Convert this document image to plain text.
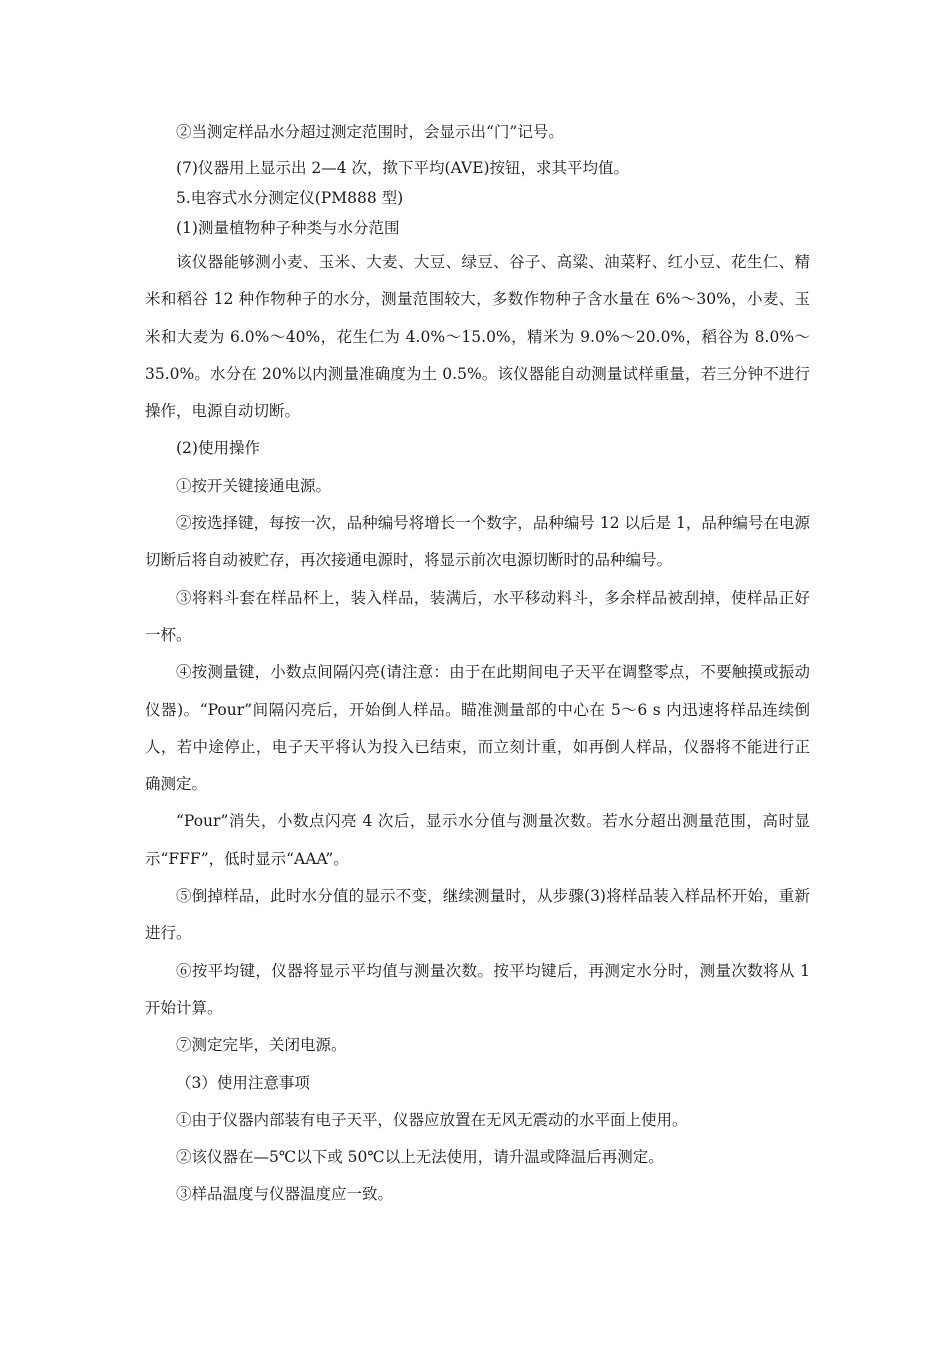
②当测定样品水分超过测定范围时，会显示出“门”记号。
(7)仪器用上显示出 2—4 次，揿下平均(AVE)按钮，求其平均值。
5.电容式水分测定仪(PM888 型)
(1)测量植物种子种类与水分范围

该仪器能够测小麦、玉米、大麦、大豆、绿豆、谷子、高粱、油菜籽、红小豆、花生仁、精米和稻谷 12 种作物种子的水分，测量范围较大，多数作物种子含水量在 6%～30%，小麦、玉米和大麦为 6.0%～40%，花生仁为 4.0%～15.0%，精米为 9.0%～20.0%，稻谷为 8.0%～35.0%。水分在 20%以内测量准确度为土 0.5%。该仪器能自动测量试样重量，若三分钟不进行操作，电源自动切断。

(2)使用操作

①按开关键接通电源。

②按选择键，每按一次，品种编号将增长一个数字，品种编号 12 以后是 1，品种编号在电源切断后将自动被贮存，再次接通电源时，将显示前次电源切断时的品种编号。

③将料斗套在样品杯上，装入样品，装满后，水平移动料斗，多余样品被刮掉，使样品正好一杯。

④按测量键，小数点间隔闪亮(请注意：由于在此期间电子天平在调整零点，不要触摸或振动仪器)。“Pour”间隔闪亮后，开始倒人样品。瞄准测量部的中心在 5～6 s 内迅速将样品连续倒人，若中途停止，电子天平将认为投入已结束，而立刻计重，如再倒人样品，仪器将不能进行正确测定。

“Pour”消失，小数点闪亮 4 次后，显示水分值与测量次数。若水分超出测量范围，高时显示“FFF”，低时显示“AAA”。

⑤倒掉样品，此时水分值的显示不变，继续测量时，从步骤(3)将样品装入样品杯开始，重新进行。

⑥按平均键，仪器将显示平均值与测量次数。按平均键后，再测定水分时，测量次数将从 1 开始计算。

⑦测定完毕，关闭电源。

（3）使用注意事项

①由于仪器内部装有电子天平，仪器应放置在无风无震动的水平面上使用。

②该仪器在—5℃以下或 50℃以上无法使用，请升温或降温后再测定。

③样品温度与仪器温度应一致。
